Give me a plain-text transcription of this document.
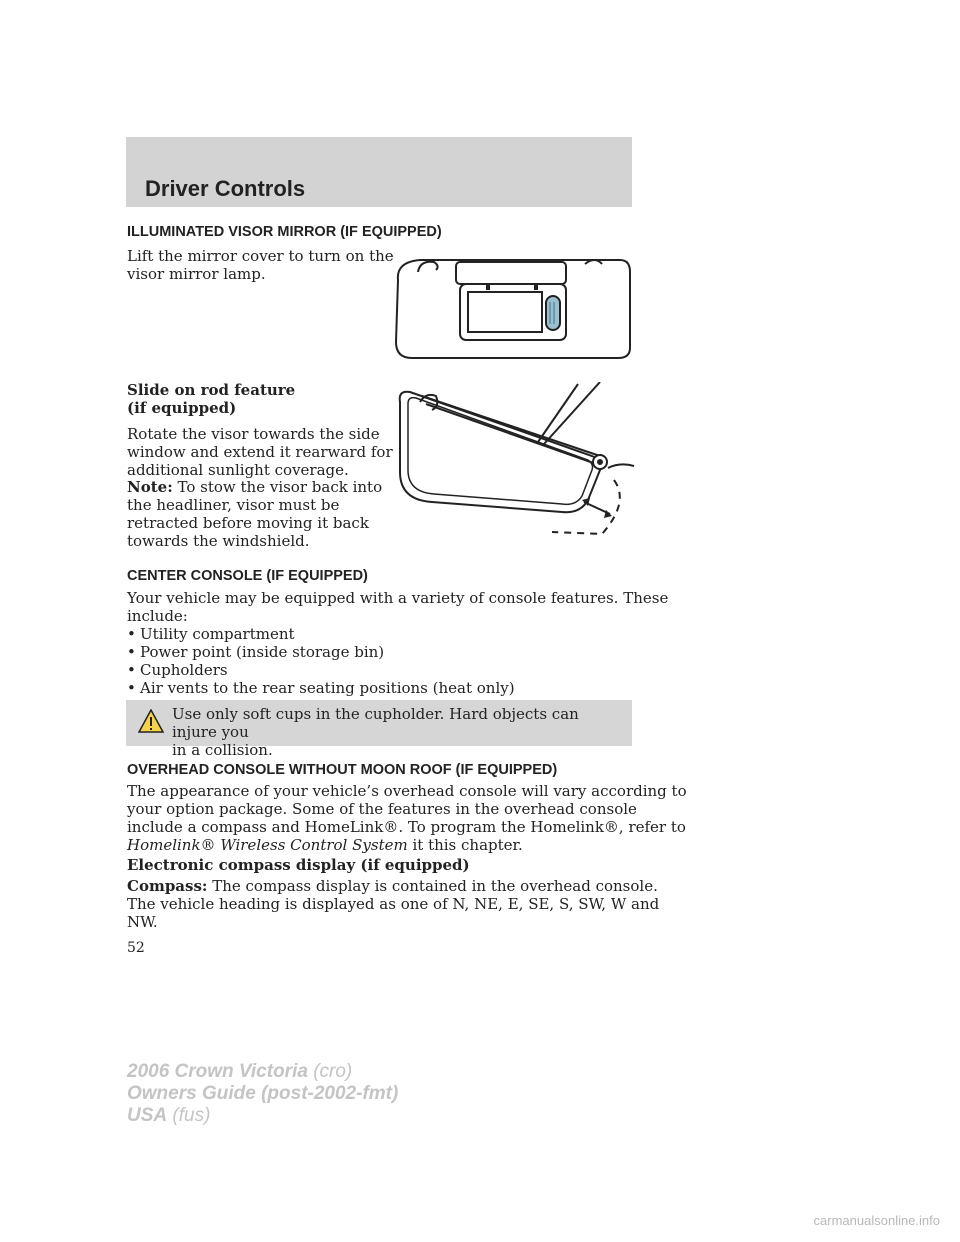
Driver Controls
ILLUMINATED VISOR MIRROR (IF EQUIPPED)
Lift the mirror cover to turn on the
visor mirror lamp.
Slide on rod feature
(if equipped)
Rotate the visor towards the side
window and extend it rearward for
additional sunlight coverage.
Note: To stow the visor back into
the headliner, visor must be
retracted before moving it back
towards the windshield.
CENTER CONSOLE (IF EQUIPPED)
Your vehicle may be equipped with a variety of console features. These
include:
• Utility compartment
• Power point (inside storage bin)
• Cupholders
• Air vents to the rear seating positions (heat only)
Use only soft cups in the cupholder. Hard objects can injure you
in a collision.
OVERHEAD CONSOLE WITHOUT MOON ROOF (IF EQUIPPED)
The appearance of your vehicle’s overhead console will vary according to
your option package. Some of the features in the overhead console
include a compass and HomeLink®. To program the Homelink®, refer to
Homelink® Wireless Control System it this chapter.
Electronic compass display (if equipped)
Compass: The compass display is contained in the overhead console.
The vehicle heading is displayed as one of N, NE, E, SE, S, SW, W and
NW.
52
2006 Crown Victoria (cro)
Owners Guide (post-2002-fmt)
USA (fus)
carmanualsonline.info
